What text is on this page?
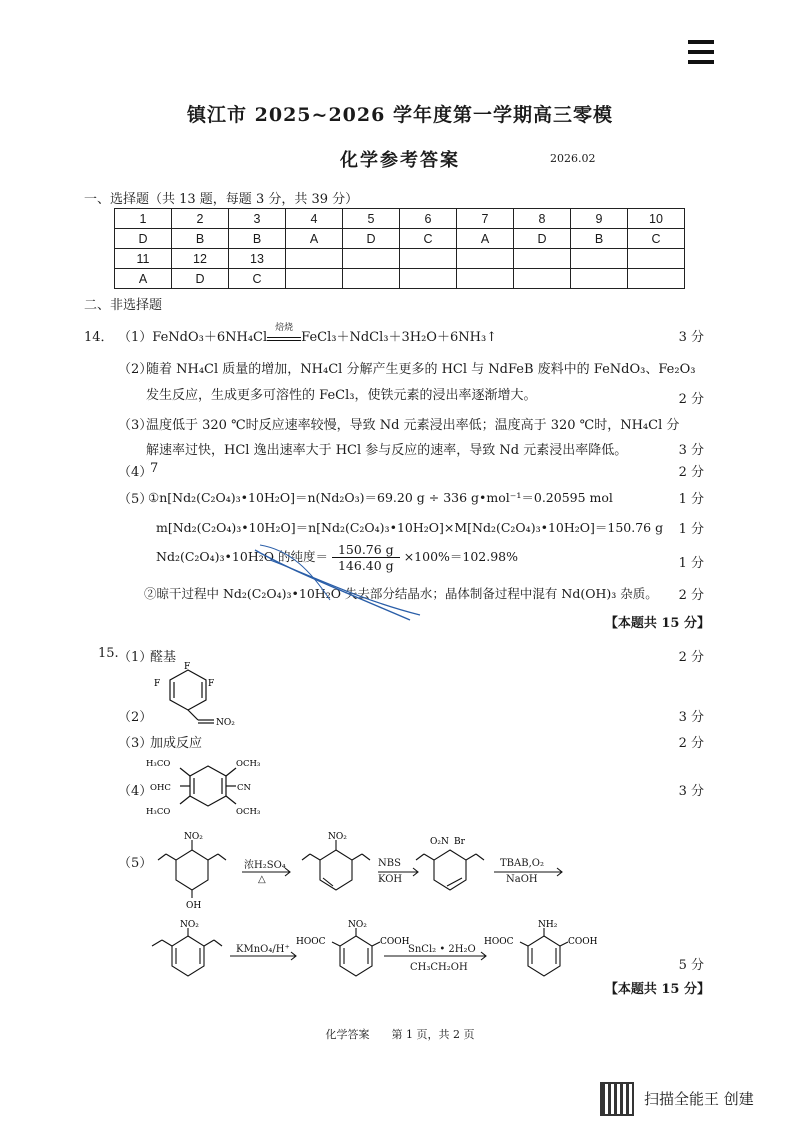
镇江市 2025~2026 学年度第一学期高三零模
化学参考答案	2026.02
一、选择题（共 13 题，每题 3 分，共 39 分）
1	2	3	4	5	6	7	8	9	10
D	B	B	A	D	C	A	D	B	C
11	12	13							
A	D	C							
二、非选择题
14． （1）FeNdO₃＋6NH₄Cl
焙烧
FeCl₃＋NdCl₃＋3H₂O＋6NH₃↑	3 分
（2）
随着 NH₄Cl 质量的增加，NH₄Cl 分解产生更多的 HCl 与 NdFeB 废料中的 FeNdO₃、Fe₂O₃
发生反应，生成更多可溶性的 FeCl₃，使铁元素的浸出率逐渐增大。	2 分
（3）
温度低于 320 ℃时反应速率较慢，导致 Nd 元素浸出率低；温度高于 320 ℃时，NH₄Cl 分
解速率过快，HCl 逸出速率大于 HCl 参与反应的速率，导致 Nd 元素浸出率降低。	3 分
（4）
7	2 分
（5）
①n[Nd₂(C₂O₄)₃•10H₂O]＝n(Nd₂O₃)＝69.20 g ÷ 336 g•mol⁻¹＝0.20595 mol	1 分
m[Nd₂(C₂O₄)₃•10H₂O]＝n[Nd₂(C₂O₄)₃•10H₂O]×M[Nd₂(C₂O₄)₃•10H₂O]＝150.76 g 1 分
Nd₂(C₂O₄)₃•10H₂O 的纯度＝ $\frac{150.76 g}{146.40 g} \times 100\%=102.98\%$	1 分
②晾干过程中 Nd₂(C₂O₄)₃•10H₂O 失去部分结晶水；晶体制备过程中混有 Nd(OH)₃ 杂质。 2 分
【本题共 15 分】
15. （1）
醛基	2 分
F
F
F
NO₂
（2）	3 分
（3）
加成反应	2 分
H₃CO	OCH₃
OHC	CN
H₃CO	OCH₃
（4）	3 分
（5）
NO₂
OH
NO₂	O₂N Br
浓H₂SO₄
△
NBS
KOH
TBAB,O₂
NaOH
NO₂
HOOC
NO₂
COOH	HOOC
NH₂
COOH
KMnO₄/H⁺	SnCl₂ • 2H₂O
CH₃CH₂OH	5 分
【本题共 15 分】
化学答案　　第 1 页，共 2 页
扫描全能王 创建
